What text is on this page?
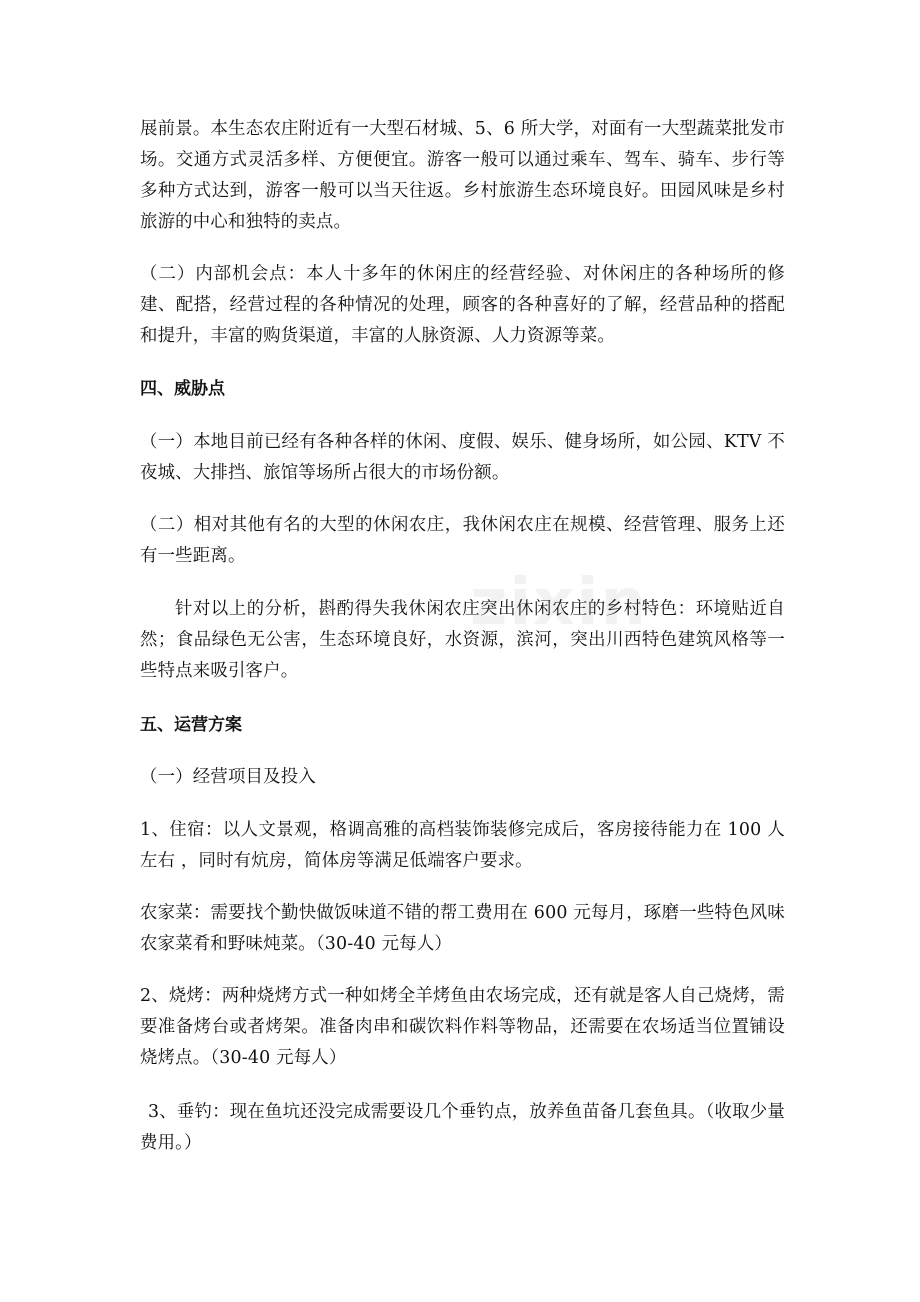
展前景。本生态农庄附近有一大型石材城、5、6 所大学，对面有一大型蔬菜批发市场。交通方式灵活多样、方便便宜。游客一般可以通过乘车、驾车、骑车、步行等多种方式达到，游客一般可以当天往返。乡村旅游生态环境良好。田园风味是乡村旅游的中心和独特的卖点。

（二）内部机会点：本人十多年的休闲庄的经营经验、对休闲庄的各种场所的修建、配搭，经营过程的各种情况的处理，顾客的各种喜好的了解，经营品种的搭配和提升，丰富的购货渠道，丰富的人脉资源、人力资源等菜。

四、威胁点

（一）本地目前已经有各种各样的休闲、度假、娱乐、健身场所，如公园、KTV 不夜城、大排挡、旅馆等场所占很大的市场份额。

（二）相对其他有名的大型的休闲农庄，我休闲农庄在规模、经营管理、服务上还有一些距离。

针对以上的分析，斟酌得失我休闲农庄突出休闲农庄的乡村特色：环境贴近自然；食品绿色无公害，生态环境良好，水资源，滨河，突出川西特色建筑风格等一些特点来吸引客户。

五、运营方案

（一）经营项目及投入

1、住宿：以人文景观，格调高雅的高档装饰装修完成后，客房接待能力在 100 人左右 ，同时有炕房，简体房等满足低端客户要求。

农家菜：需要找个勤快做饭味道不错的帮工费用在 600 元每月，琢磨一些特色风味农家菜肴和野味炖菜。（30-40 元每人）

2、烧烤：两种烧烤方式一种如烤全羊烤鱼由农场完成，还有就是客人自己烧烤，需要准备烤台或者烤架。准备肉串和碳饮料作料等物品，还需要在农场适当位置铺设烧烤点。（30-40 元每人）

3、垂钓：现在鱼坑还没完成需要设几个垂钓点，放养鱼苗备几套鱼具。（收取少量费用。）

zixin
